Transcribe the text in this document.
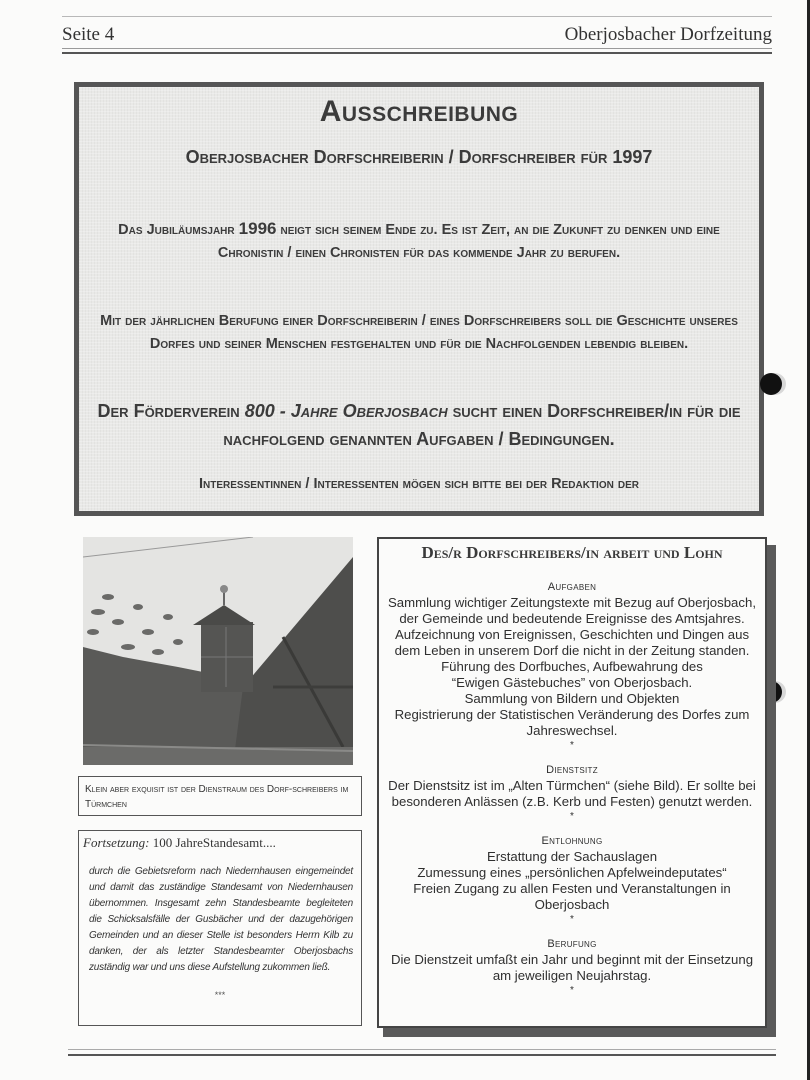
Seite 4	Oberjosbacher Dorfzeitung
Ausschreibung
Oberjosbacher Dorfschreiberin / Dorfschreiber für 1997
Das Jubiläumsjahr 1996 neigt sich seinem Ende zu. Es ist Zeit, an die Zukunft zu denken und eine Chronistin / einen Chronisten für das kommende Jahr zu berufen.
Mit der jährlichen Berufung einer Dorfschreiberin / eines Dorfschreibers soll die Geschichte unseres Dorfes und seiner Menschen festgehalten und für die Nachfolgenden lebendig bleiben.
Der Förderverein 800 - Jahre Oberjosbach sucht einen Dorfschreiber/in für die nachfolgend genannten Aufgaben / Bedingungen.
Interessentinnen / Interessenten mögen sich bitte bei der Redaktion der
Klein aber exquisit ist der Dienstraum des Dorf-schreibers im Türmchen
Fortsetzung: 100 JahreStandesamt....
durch die Gebietsreform nach Niedernhausen eingemeindet und damit das zuständige Standesamt von Niedernhausen übernommen. Insgesamt zehn Standesbeamte begleiteten die Schicksalsfälle der Gusbächer und der dazugehörigen Gemeinden und an dieser Stelle ist besonders Herrn Kilb zu danken, der als letzter Standesbeamter Oberjosbachs zuständig war und uns diese Aufstellung zukommen ließ.
***
Des/r Dorfschreibers/in arbeit und Lohn
Aufgaben
Sammlung wichtiger Zeitungstexte mit Bezug auf Oberjosbach,
der Gemeinde und bedeutende Ereignisse des Amtsjahres.
Aufzeichnung von Ereignissen, Geschichten und Dingen aus
dem Leben in unserem Dorf die nicht in der Zeitung standen.
Führung des Dorfbuches, Aufbewahrung des
“Ewigen Gästebuches” von Oberjosbach.
Sammlung von Bildern und Objekten
Registrierung der Statistischen Veränderung des Dorfes zum
Jahreswechsel.
*
Dienstsitz
Der Dienstsitz ist im „Alten Türmchen“ (siehe Bild). Er sollte bei
besonderen Anlässen (z.B. Kerb und Festen) genutzt werden.
*
Entlohnung
Erstattung der Sachauslagen
Zumessung eines „persönlichen Apfelweindeputates“
Freien Zugang zu allen Festen und Veranstaltungen in
Oberjosbach
*
Berufung
Die Dienstzeit umfaßt ein Jahr und beginnt mit der Einsetzung
am jeweiligen Neujahrstag.
*
